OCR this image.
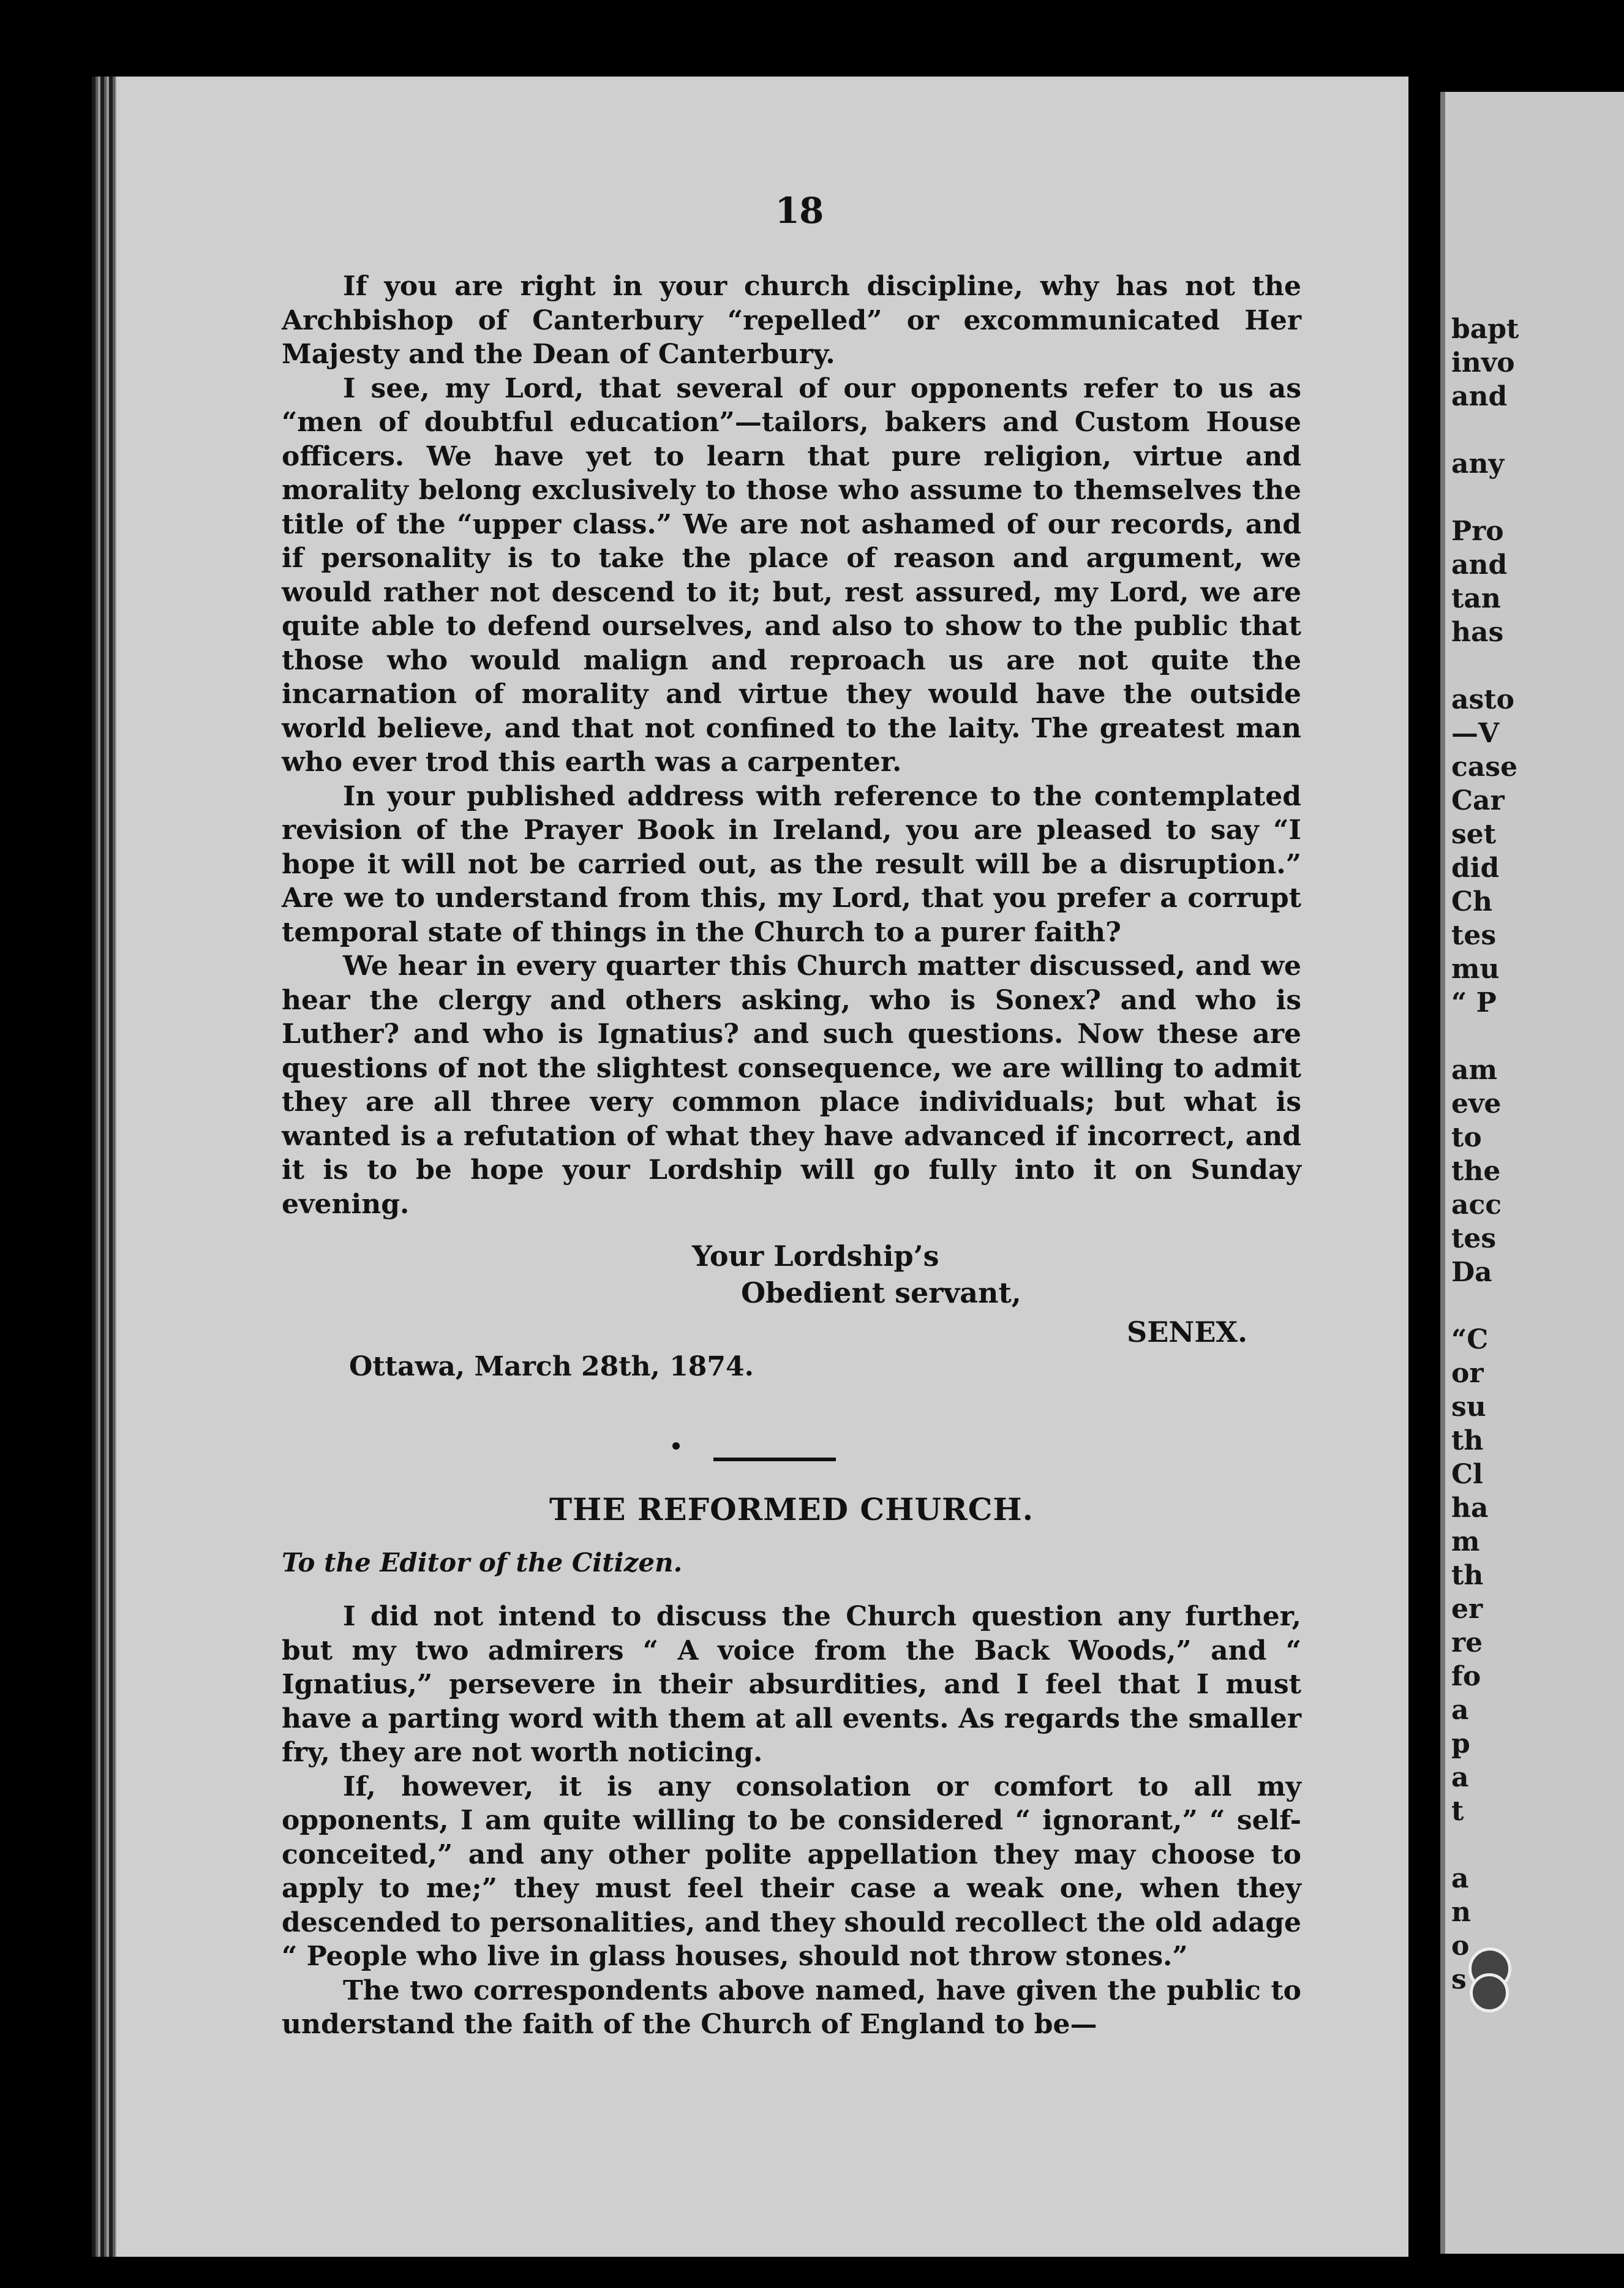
18

If you are right in your church discipline, why has not the Archbishop of Canterbury “repelled” or excommunicated Her Majesty and the Dean of Canterbury.

I see, my Lord, that several of our opponents refer to us as “men of doubtful education”—tailors, bakers and Custom House officers. We have yet to learn that pure religion, virtue and morality belong exclusively to those who assume to themselves the title of the “upper class.” We are not ashamed of our records, and if personality is to take the place of reason and argument, we would rather not descend to it; but, rest assured, my Lord, we are quite able to defend ourselves, and also to show to the public that those who would malign and reproach us are not quite the incarnation of morality and virtue they would have the outside world believe, and that not confined to the laity. The greatest man who ever trod this earth was a carpenter.

In your published address with reference to the contemplated revision of the Prayer Book in Ireland, you are pleased to say “I hope it will not be carried out, as the result will be a disruption.” Are we to understand from this, my Lord, that you prefer a corrupt temporal state of things in the Church to a purer faith?

We hear in every quarter this Church matter discussed, and we hear the clergy and others asking, who is Sonex? and who is Luther? and who is Ignatius? and such questions. Now these are questions of not the slightest consequence, we are willing to admit they are all three very common place individuals; but what is wanted is a refutation of what they have advanced if incorrect, and it is to be hope your Lordship will go fully into it on Sunday evening.

Your Lordship’s
Obedient servant,
SENEX.
Ottawa, March 28th, 1874.
THE REFORMED CHURCH.
To the Editor of the Citizen.

I did not intend to discuss the Church question any further, but my two admirers “ A voice from the Back Woods,” and “ Ignatius,” persevere in their absurdities, and I feel that I must have a parting word with them at all events. As regards the smaller fry, they are not worth noticing.

If, however, it is any consolation or comfort to all my opponents, I am quite willing to be considered “ ignorant,” “ self-conceited,” and any other polite appellation they may choose to apply to me;” they must feel their case a weak one, when they descended to personalities, and they should recollect the old adage “ People who live in glass houses, should not throw stones.”

The two correspondents above named, have given the public to understand the faith of the Church of England to be—

bapt
invo
and
any
Pro
and
tan
has
asto
—V
case
Car
set
did
Ch
tes
mu
“ P
am
eve
to
the
acc
tes
Da
“C
or
su
th
Cl
ha
m
th
er
re
fo
a
p
a
t
a
n
o
s
